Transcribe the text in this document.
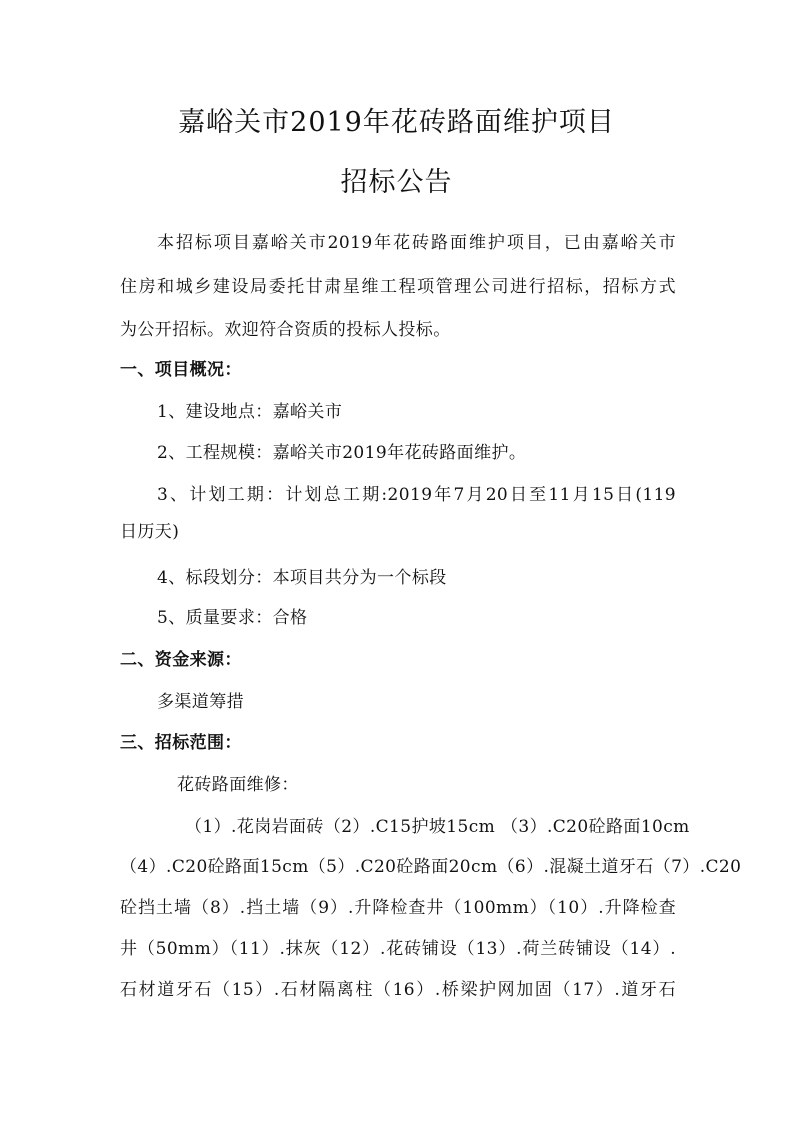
嘉峪关市2019年花砖路面维护项目
招标公告
本招标项目嘉峪关市2019年花砖路面维护项目，已由嘉峪关市
住房和城乡建设局委托甘肃星维工程项管理公司进行招标，招标方式
为公开招标。欢迎符合资质的投标人投标。
一、项目概况：
1、建设地点：嘉峪关市
2、工程规模：嘉峪关市2019年花砖路面维护。
3、计划工期：计划总工期:2019年7月20日至11月15日(119
日历天)
4、标段划分：本项目共分为一个标段
5、质量要求：合格
二、资金来源：
多渠道筹措
三、招标范围：
花砖路面维修：
（1）.花岗岩面砖（2）.C15护坡15cm （3）.C20砼路面10cm
（4）.C20砼路面15cm（5）.C20砼路面20cm（6）.混凝土道牙石（7）.C20
砼挡土墙（8）.挡土墙（9）.升降检查井（100mm）（10）.升降检查
井（50mm）（11）.抹灰（12）.花砖铺设（13）.荷兰砖铺设（14）.
石材道牙石（15）.石材隔离柱（16）.桥梁护网加固（17）.道牙石
